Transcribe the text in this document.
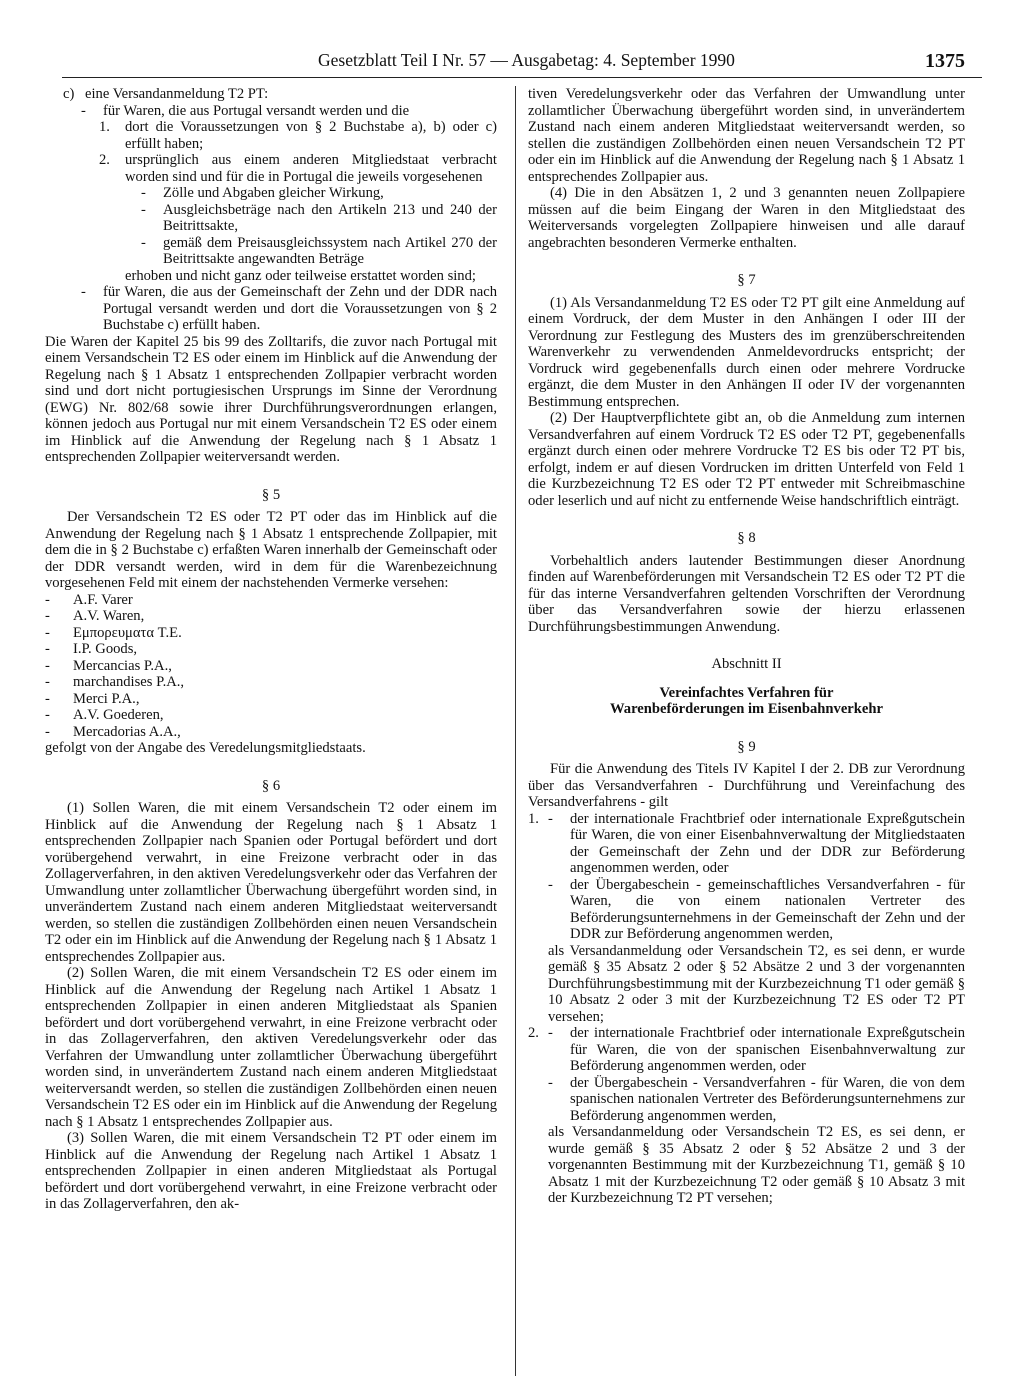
Gesetzblatt Teil I Nr. 57 — Ausgabetag: 4. September 1990	1375
c) eine Versandanmeldung T2 PT:
-	für Waren, die aus Portugal versandt werden und die
1.	dort die Voraussetzungen von § 2 Buchstabe a), b) oder c) erfüllt haben;
2.	ursprünglich aus einem anderen Mitgliedstaat verbracht worden sind und für die in Portugal die jeweils vorgesehenen
-	Zölle und Abgaben gleicher Wirkung,
-	Ausgleichsbeträge nach den Artikeln 213 und 240 der Beitrittsakte,
-	gemäß dem Preisausgleichssystem nach Artikel 270 der Beitrittsakte angewandten Beträge
erhoben und nicht ganz oder teilweise erstattet worden sind;
-	für Waren, die aus der Gemeinschaft der Zehn und der DDR nach Portugal versandt werden und dort die Voraussetzungen von § 2 Buchstabe c) erfüllt haben.

Die Waren der Kapitel 25 bis 99 des Zolltarifs, die zuvor nach Portugal mit einem Versandschein T2 ES oder einem im Hinblick auf die Anwendung der Regelung nach § 1 Absatz 1 entsprechenden Zollpapier verbracht worden sind und dort nicht portugiesischen Ursprungs im Sinne der Verordnung (EWG) Nr. 802/68 sowie ihrer Durchführungsverordnungen erlangen, können jedoch aus Portugal nur mit einem Versandschein T2 ES oder einem im Hinblick auf die Anwendung der Regelung nach § 1 Absatz 1 entsprechenden Zollpapier weiterversandt werden.

§ 5

Der Versandschein T2 ES oder T2 PT oder das im Hinblick auf die Anwendung der Regelung nach § 1 Absatz 1 entsprechende Zollpapier, mit dem die in § 2 Buchstabe c) erfaßten Waren innerhalb der Gemeinschaft oder der DDR versandt werden, wird in dem für die Warenbezeichnung vorgesehenen Feld mit einem der nachstehenden Vermerke versehen:

-	A.F. Varer
-	A.V. Waren,
-	Εμπορευματα T.E.
-	I.P. Goods,
-	Mercancias P.A.,
-	marchandises P.A.,
-	Merci P.A.,
-	A.V. Goederen,
-	Mercadorias A.A.,

gefolgt von der Angabe des Veredelungsmitgliedstaats.

§ 6

(1) Sollen Waren, die mit einem Versandschein T2 oder einem im Hinblick auf die Anwendung der Regelung nach § 1 Absatz 1 entsprechenden Zollpapier nach Spanien oder Portugal befördert und dort vorübergehend verwahrt, in eine Freizone verbracht oder in das Zollagerverfahren, in den aktiven Veredelungsverkehr oder das Verfahren der Umwandlung unter zollamtlicher Überwachung übergeführt worden sind, in unverändertem Zustand nach einem anderen Mitgliedstaat weiterversandt werden, so stellen die zuständigen Zollbehörden einen neuen Versandschein T2 oder ein im Hinblick auf die Anwendung der Regelung nach § 1 Absatz 1 entsprechendes Zollpapier aus.

(2) Sollen Waren, die mit einem Versandschein T2 ES oder einem im Hinblick auf die Anwendung der Regelung nach Artikel 1 Absatz 1 entsprechenden Zollpapier in einen anderen Mitgliedstaat als Spanien befördert und dort vorübergehend verwahrt, in eine Freizone verbracht oder in das Zollagerverfahren, den aktiven Veredelungsverkehr oder das Verfahren der Umwandlung unter zollamtlicher Überwachung übergeführt worden sind, in unverändertem Zustand nach einem anderen Mitgliedstaat weiterversandt werden, so stellen die zuständigen Zollbehörden einen neuen Versandschein T2 ES oder ein im Hinblick auf die Anwendung der Regelung nach § 1 Absatz 1 entsprechendes Zollpapier aus.

(3) Sollen Waren, die mit einem Versandschein T2 PT oder einem im Hinblick auf die Anwendung der Regelung nach Artikel 1 Absatz 1 entsprechenden Zollpapier in einen anderen Mitgliedstaat als Portugal befördert und dort vorübergehend verwahrt, in eine Freizone verbracht oder in das Zollagerverfahren, den ak-

tiven Veredelungsverkehr oder das Verfahren der Umwandlung unter zollamtlicher Überwachung übergeführt worden sind, in unverändertem Zustand nach einem anderen Mitgliedstaat weiterversandt werden, so stellen die zuständigen Zollbehörden einen neuen Versandschein T2 PT oder ein im Hinblick auf die Anwendung der Regelung nach § 1 Absatz 1 entsprechendes Zollpapier aus.

(4) Die in den Absätzen 1, 2 und 3 genannten neuen Zollpapiere müssen auf die beim Eingang der Waren in den Mitgliedstaat des Weiterversands vorgelegten Zollpapiere hinweisen und alle darauf angebrachten besonderen Vermerke enthalten.

§ 7

(1) Als Versandanmeldung T2 ES oder T2 PT gilt eine Anmeldung auf einem Vordruck, der dem Muster in den Anhängen I oder III der Verordnung zur Festlegung des Musters des im grenzüberschreitenden Warenverkehr zu verwendenden Anmeldevordrucks entspricht; der Vordruck wird gegebenenfalls durch einen oder mehrere Vordrucke ergänzt, die dem Muster in den Anhängen II oder IV der vorgenannten Bestimmung entsprechen.

(2) Der Hauptverpflichtete gibt an, ob die Anmeldung zum internen Versandverfahren auf einem Vordruck T2 ES oder T2 PT, gegebenenfalls ergänzt durch einen oder mehrere Vordrucke T2 ES bis oder T2 PT bis, erfolgt, indem er auf diesen Vordrucken im dritten Unterfeld von Feld 1 die Kurzbezeichnung T2 ES oder T2 PT entweder mit Schreibmaschine oder leserlich und auf nicht zu entfernende Weise handschriftlich einträgt.

§ 8

Vorbehaltlich anders lautender Bestimmungen dieser Anordnung finden auf Warenbeförderungen mit Versandschein T2 ES oder T2 PT die für das interne Versandverfahren geltenden Vorschriften der Verordnung über das Versandverfahren sowie der hierzu erlassenen Durchführungsbestimmungen Anwendung.

Abschnitt II

Vereinfachtes Verfahren für

Warenbeförderungen im Eisenbahnverkehr

§ 9

Für die Anwendung des Titels IV Kapitel I der 2. DB zur Verordnung über das Versandverfahren - Durchführung und Vereinfachung des Versandverfahrens - gilt

1. -	der internationale Frachtbrief oder internationale Expreßgutschein für Waren, die von einer Eisenbahnverwaltung der Mitgliedstaaten der Gemeinschaft der Zehn und der DDR zur Beförderung angenommen werden, oder
-	der Übergabeschein - gemeinschaftliches Versandverfahren - für Waren, die von einem nationalen Vertreter des Beförderungsunternehmens in der Gemeinschaft der Zehn und der DDR zur Beförderung angenommen werden,
als Versandanmeldung oder Versandschein T2, es sei denn, er wurde gemäß § 35 Absatz 2 oder § 52 Absätze 2 und 3 der vorgenannten Durchführungsbestimmung mit der Kurzbezeichnung T1 oder gemäß § 10 Absatz 2 oder 3 mit der Kurzbezeichnung T2 ES oder T2 PT versehen;
2. -	der internationale Frachtbrief oder internationale Expreßgutschein für Waren, die von der spanischen Eisenbahnverwaltung zur Beförderung angenommen werden, oder
-	der Übergabeschein - Versandverfahren - für Waren, die von dem spanischen nationalen Vertreter des Beförderungsunternehmens zur Beförderung angenommen werden,
als Versandanmeldung oder Versandschein T2 ES, es sei denn, er wurde gemäß § 35 Absatz 2 oder § 52 Absätze 2 und 3 der vorgenannten Bestimmung mit der Kurzbezeichnung T1, gemäß § 10 Absatz 1 mit der Kurzbezeichnung T2 oder gemäß § 10 Absatz 3 mit der Kurzbezeichnung T2 PT versehen;
